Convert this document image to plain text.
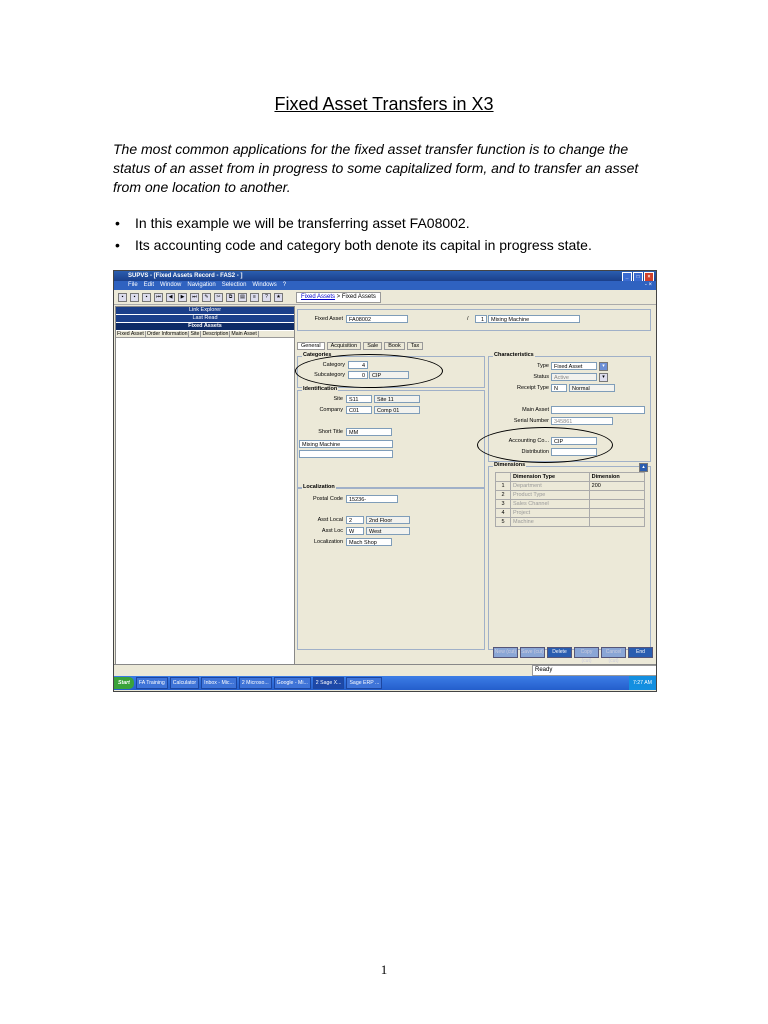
Fixed Asset Transfers in X3
The most common applications for the fixed asset transfer function is to change the status of an asset from in progress to some capitalized form, and to transfer an asset from one location to another.
• In this example we will be transferring asset FA08002.
• Its accounting code and category both denote its capital in progress state.
SUPVS - [Fixed Assets Record - FAS2 - ]	_	□	×
File Edit Window Navigation Selection Windows ?	- ×
▪	▪	▪	⏮	◀	▶	⏭	✎	✂	⧉	▤	≡	?	★	Fixed Assets > Fixed Assets
Link Explorer
Last Read
Fixed Assets
Fixed Asset Order Information Site Description Main Asset
Fixed Asset	FA08002	/	1	Mixing Machine
General	Acquisition	Sale	Book	Tax
Categories
Category	4
Subcategory	0	CIP
Identification
Site	S11	Site 11
Company	C01	Comp 01
Short Title	MM
Mixing Machine
Localization
Postal Code	15236-
Asst Local	2	2nd Floor
Asst Loc	W	West
Localization	Mach Shop
Characteristics
Type Fixed Asset	▾
Status Active	▾
Receipt Type N	Normal
Main Asset
Serial Number 345861
Accounting Co... CIP
Distribution
Dimensions	▴
	Dimension Type	Dimension
1	Department	200
2	Product Type	
3	Sales Channel	
4	Project	
5	Machine	
New (cut) Save (cut)	Delete	Copy (cut)
Cancel (cut)
End
Ready
Start	FA Training	Calculator	Inbox - Mic...	2 Microso...	Google - Mi...	2 Sage X...	Sage ERP ...	7:27 AM
1
